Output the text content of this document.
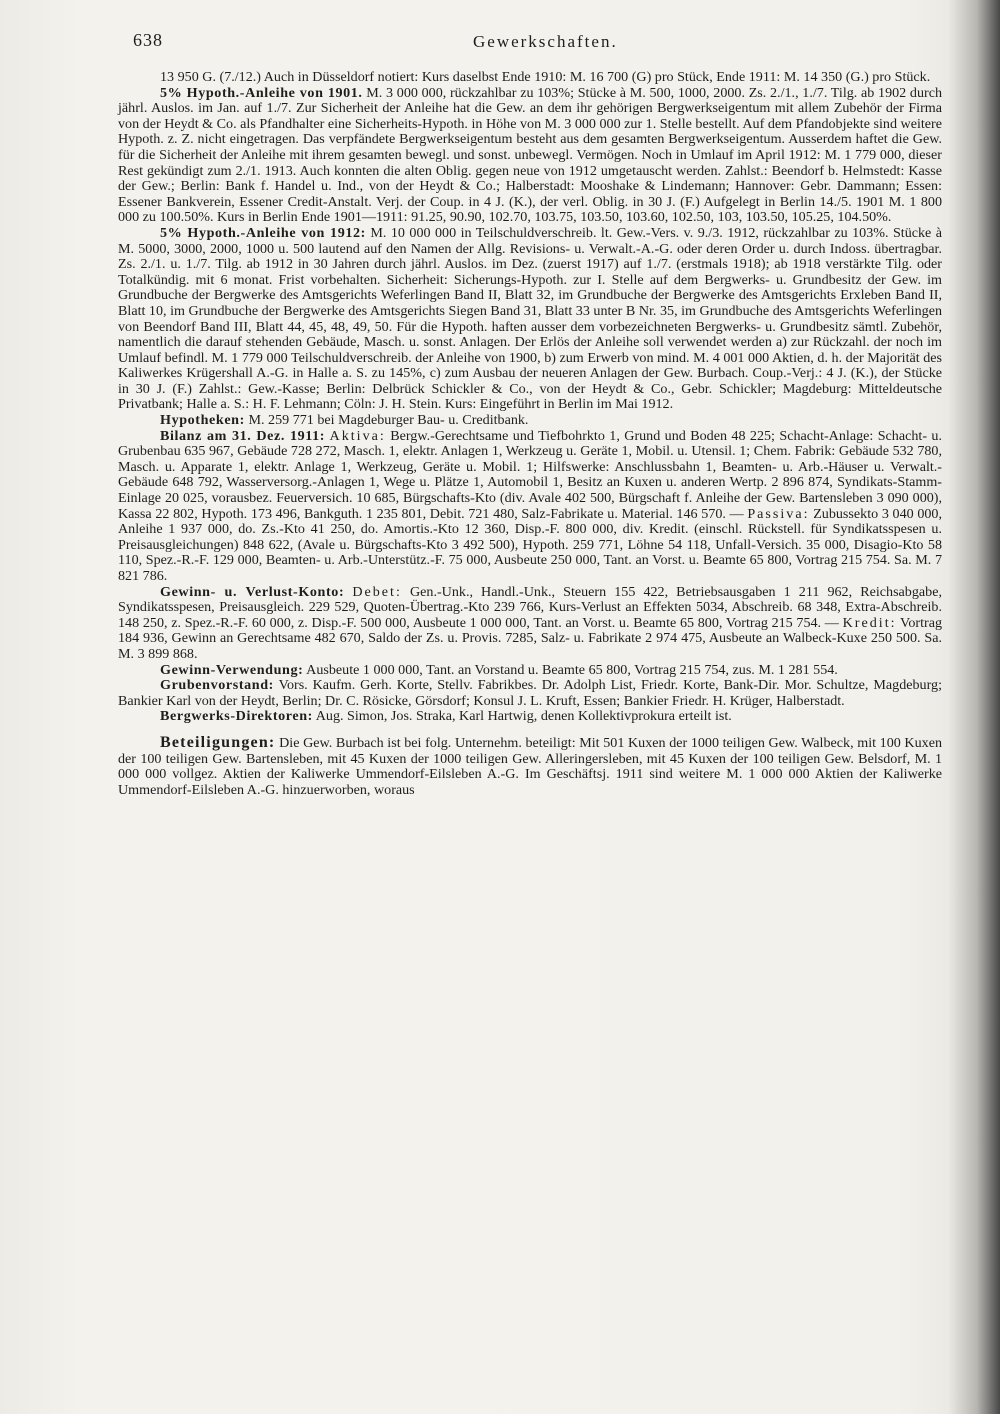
638	Gewerkschaften.

13 950 G. (7./12.) Auch in Düsseldorf notiert: Kurs daselbst Ende 1910: M. 16 700 (G) pro Stück, Ende 1911: M. 14 350 (G.) pro Stück.

5% Hypoth.-Anleihe von 1901. M. 3 000 000, rückzahlbar zu 103%; Stücke à M. 500, 1000, 2000. Zs. 2./1., 1./7. Tilg. ab 1902 durch jährl. Auslos. im Jan. auf 1./7. Zur Sicherheit der Anleihe hat die Gew. an dem ihr gehörigen Bergwerkseigentum mit allem Zubehör der Firma von der Heydt & Co. als Pfandhalter eine Sicherheits-Hypoth. in Höhe von M. 3 000 000 zur 1. Stelle bestellt. Auf dem Pfandobjekte sind weitere Hypoth. z. Z. nicht eingetragen. Das verpfändete Bergwerkseigentum besteht aus dem gesamten Bergwerkseigentum. Ausserdem haftet die Gew. für die Sicherheit der Anleihe mit ihrem gesamten bewegl. und sonst. unbewegl. Vermögen. Noch in Umlauf im April 1912: M. 1 779 000, dieser Rest gekündigt zum 2./1. 1913. Auch konnten die alten Oblig. gegen neue von 1912 umgetauscht werden. Zahlst.: Beendorf b. Helmstedt: Kasse der Gew.; Berlin: Bank f. Handel u. Ind., von der Heydt & Co.; Halberstadt: Mooshake & Lindemann; Hannover: Gebr. Dammann; Essen: Essener Bankverein, Essener Credit-Anstalt. Verj. der Coup. in 4 J. (K.), der verl. Oblig. in 30 J. (F.) Aufgelegt in Berlin 14./5. 1901 M. 1 800 000 zu 100.50%. Kurs in Berlin Ende 1901—1911: 91.25, 90.90, 102.70, 103.75, 103.50, 103.60, 102.50, 103, 103.50, 105.25, 104.50%.

5% Hypoth.-Anleihe von 1912: M. 10 000 000 in Teilschuldverschreib. lt. Gew.-Vers. v. 9./3. 1912, rückzahlbar zu 103%. Stücke à M. 5000, 3000, 2000, 1000 u. 500 lautend auf den Namen der Allg. Revisions- u. Verwalt.-A.-G. oder deren Order u. durch Indoss. übertragbar. Zs. 2./1. u. 1./7. Tilg. ab 1912 in 30 Jahren durch jährl. Auslos. im Dez. (zuerst 1917) auf 1./7. (erstmals 1918); ab 1918 verstärkte Tilg. oder Totalkündig. mit 6 monat. Frist vorbehalten. Sicherheit: Sicherungs-Hypoth. zur I. Stelle auf dem Bergwerks- u. Grundbesitz der Gew. im Grundbuche der Bergwerke des Amtsgerichts Weferlingen Band II, Blatt 32, im Grundbuche der Bergwerke des Amtsgerichts Erxleben Band II, Blatt 10, im Grundbuche der Bergwerke des Amtsgerichts Siegen Band 31, Blatt 33 unter B Nr. 35, im Grundbuche des Amtsgerichts Weferlingen von Beendorf Band III, Blatt 44, 45, 48, 49, 50. Für die Hypoth. haften ausser dem vorbezeichneten Bergwerks- u. Grundbesitz sämtl. Zubehör, namentlich die darauf stehenden Gebäude, Masch. u. sonst. Anlagen. Der Erlös der Anleihe soll verwendet werden a) zur Rückzahl. der noch im Umlauf befindl. M. 1 779 000 Teilschuldverschreib. der Anleihe von 1900, b) zum Erwerb von mind. M. 4 001 000 Aktien, d. h. der Majorität des Kaliwerkes Krügershall A.-G. in Halle a. S. zu 145%, c) zum Ausbau der neueren Anlagen der Gew. Burbach. Coup.-Verj.: 4 J. (K.), der Stücke in 30 J. (F.) Zahlst.: Gew.-Kasse; Berlin: Delbrück Schickler & Co., von der Heydt & Co., Gebr. Schickler; Magdeburg: Mitteldeutsche Privatbank; Halle a. S.: H. F. Lehmann; Cöln: J. H. Stein. Kurs: Eingeführt in Berlin im Mai 1912.

Hypotheken: M. 259 771 bei Magdeburger Bau- u. Creditbank.

Bilanz am 31. Dez. 1911: Aktiva: Bergw.-Gerechtsame und Tiefbohrkto 1, Grund und Boden 48 225; Schacht-Anlage: Schacht- u. Grubenbau 635 967, Gebäude 728 272, Masch. 1, elektr. Anlagen 1, Werkzeug u. Geräte 1, Mobil. u. Utensil. 1; Chem. Fabrik: Gebäude 532 780, Masch. u. Apparate 1, elektr. Anlage 1, Werkzeug, Geräte u. Mobil. 1; Hilfswerke: Anschlussbahn 1, Beamten- u. Arb.-Häuser u. Verwalt.-Gebäude 648 792, Wasserversorg.-Anlagen 1, Wege u. Plätze 1, Automobil 1, Besitz an Kuxen u. anderen Wertp. 2 896 874, Syndikats-Stamm-Einlage 20 025, vorausbez. Feuerversich. 10 685, Bürgschafts-Kto (div. Avale 402 500, Bürgschaft f. Anleihe der Gew. Bartensleben 3 090 000), Kassa 22 802, Hypoth. 173 496, Bankguth. 1 235 801, Debit. 721 480, Salz-Fabrikate u. Material. 146 570. — Passiva: Zubussekto 3 040 000, Anleihe 1 937 000, do. Zs.-Kto 41 250, do. Amortis.-Kto 12 360, Disp.-F. 800 000, div. Kredit. (einschl. Rückstell. für Syndikatsspesen u. Preisausgleichungen) 848 622, (Avale u. Bürgschafts-Kto 3 492 500), Hypoth. 259 771, Löhne 54 118, Unfall-Versich. 35 000, Disagio-Kto 58 110, Spez.-R.-F. 129 000, Beamten- u. Arb.-Unterstütz.-F. 75 000, Ausbeute 250 000, Tant. an Vorst. u. Beamte 65 800, Vortrag 215 754. Sa. M. 7 821 786.

Gewinn- u. Verlust-Konto: Debet: Gen.-Unk., Handl.-Unk., Steuern 155 422, Betriebsausgaben 1 211 962, Reichsabgabe, Syndikatsspesen, Preisausgleich. 229 529, Quoten-Übertrag.-Kto 239 766, Kurs-Verlust an Effekten 5034, Abschreib. 68 348, Extra-Abschreib. 148 250, z. Spez.-R.-F. 60 000, z. Disp.-F. 500 000, Ausbeute 1 000 000, Tant. an Vorst. u. Beamte 65 800, Vortrag 215 754. — Kredit: Vortrag 184 936, Gewinn an Gerechtsame 482 670, Saldo der Zs. u. Provis. 7285, Salz- u. Fabrikate 2 974 475, Ausbeute an Walbeck-Kuxe 250 500. Sa. M. 3 899 868.

Gewinn-Verwendung: Ausbeute 1 000 000, Tant. an Vorstand u. Beamte 65 800, Vortrag 215 754, zus. M. 1 281 554.

Grubenvorstand: Vors. Kaufm. Gerh. Korte, Stellv. Fabrikbes. Dr. Adolph List, Friedr. Korte, Bank-Dir. Mor. Schultze, Magdeburg; Bankier Karl von der Heydt, Berlin; Dr. C. Rösicke, Görsdorf; Konsul J. L. Kruft, Essen; Bankier Friedr. H. Krüger, Halberstadt.

Bergwerks-Direktoren: Aug. Simon, Jos. Straka, Karl Hartwig, denen Kollektivprokura erteilt ist.

Beteiligungen: Die Gew. Burbach ist bei folg. Unternehm. beteiligt: Mit 501 Kuxen der 1000 teiligen Gew. Walbeck, mit 100 Kuxen der 100 teiligen Gew. Bartensleben, mit 45 Kuxen der 1000 teiligen Gew. Alleringersleben, mit 45 Kuxen der 100 teiligen Gew. Belsdorf, M. 1 000 000 vollgez. Aktien der Kaliwerke Ummendorf-Eilsleben A.-G. Im Geschäftsj. 1911 sind weitere M. 1 000 000 Aktien der Kaliwerke Ummendorf-Eilsleben A.-G. hinzuerworben, woraus
